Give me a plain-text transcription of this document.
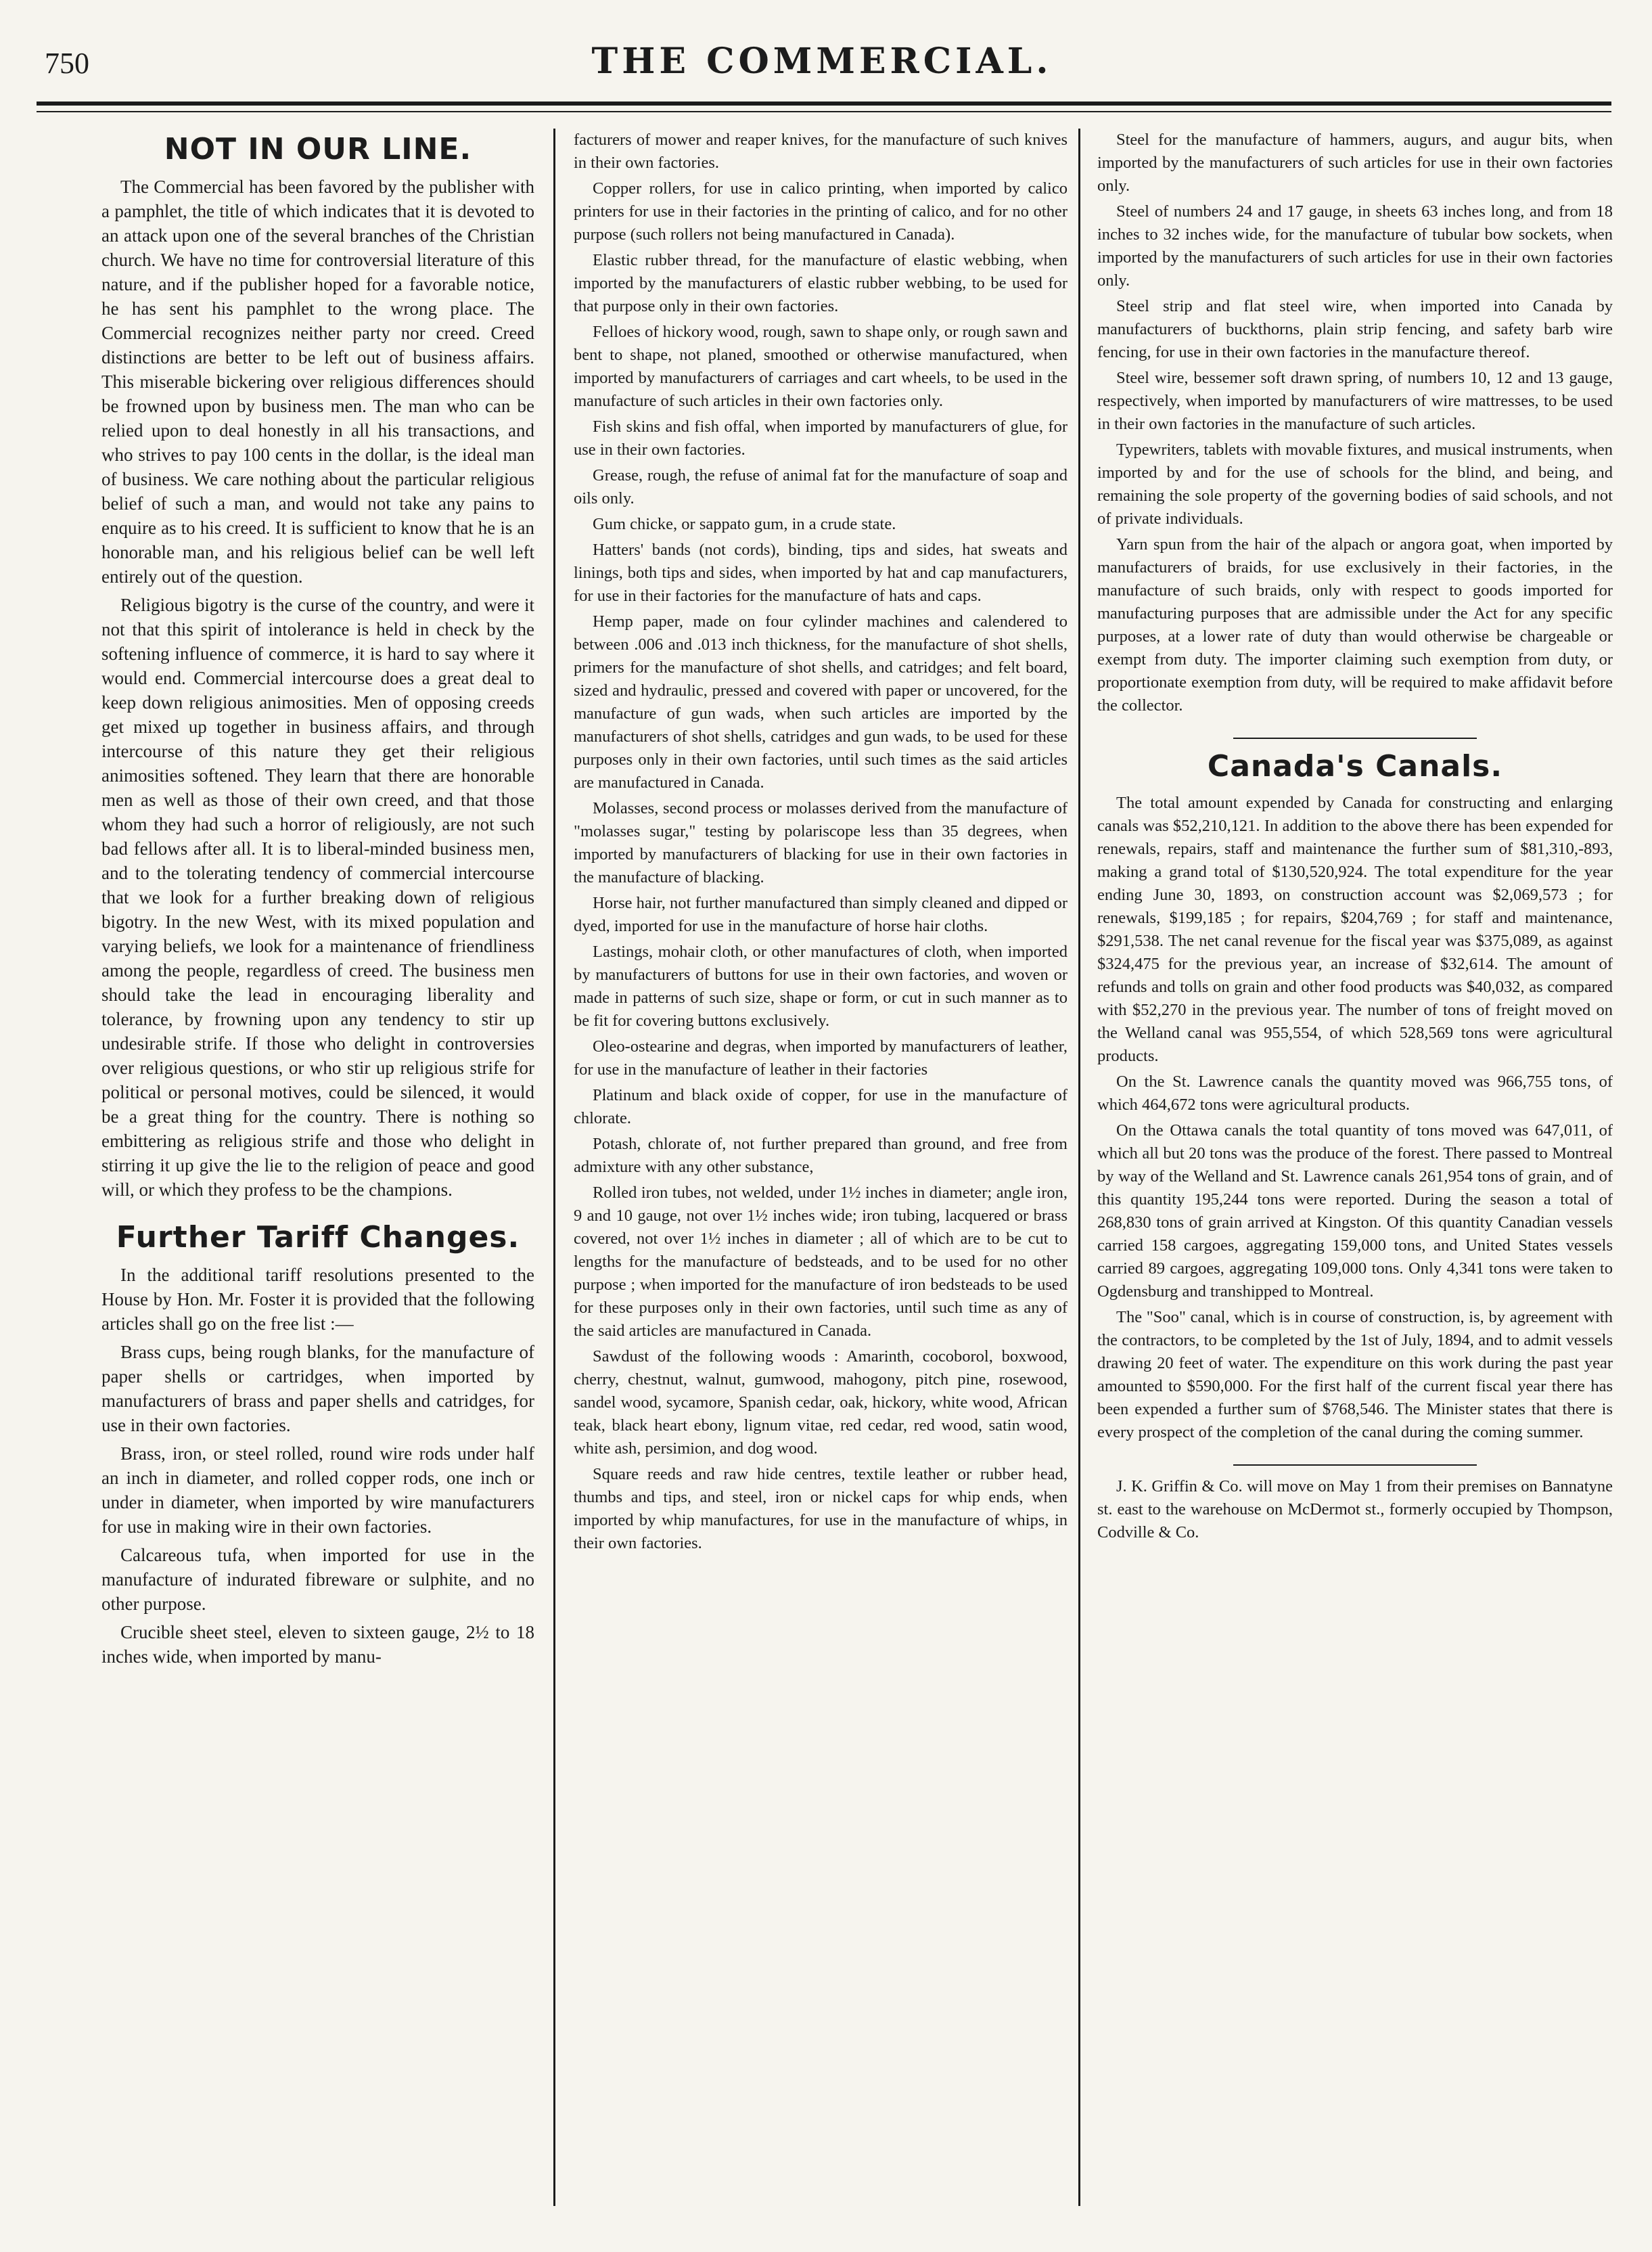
750	THE COMMERCIAL.
NOT IN OUR LINE.

The Commercial has been favored by the publisher with a pamphlet, the title of which indicates that it is devoted to an attack upon one of the several branches of the Christian church. We have no time for controversial literature of this nature, and if the publisher hoped for a favorable notice, he has sent his pamphlet to the wrong place. The Commercial recognizes neither party nor creed. Creed distinctions are better to be left out of business affairs. This miserable bickering over religious differences should be frowned upon by business men. The man who can be relied upon to deal honestly in all his transactions, and who strives to pay 100 cents in the dollar, is the ideal man of business. We care nothing about the particular religious belief of such a man, and would not take any pains to enquire as to his creed. It is sufficient to know that he is an honorable man, and his religious belief can be well left entirely out of the question.

Religious bigotry is the curse of the country, and were it not that this spirit of intolerance is held in check by the softening influence of commerce, it is hard to say where it would end. Commercial intercourse does a great deal to keep down religious animosities. Men of opposing creeds get mixed up together in business affairs, and through intercourse of this nature they get their religious animosities softened. They learn that there are honorable men as well as those of their own creed, and that those whom they had such a horror of religiously, are not such bad fellows after all. It is to liberal-minded business men, and to the tolerating tendency of commercial intercourse that we look for a further breaking down of religious bigotry. In the new West, with its mixed population and varying beliefs, we look for a maintenance of friendliness among the people, regardless of creed. The business men should take the lead in encouraging liberality and tolerance, by frowning upon any tendency to stir up undesirable strife. If those who delight in controversies over religious questions, or who stir up religious strife for political or personal motives, could be silenced, it would be a great thing for the country. There is nothing so embittering as religious strife and those who delight in stirring it up give the lie to the religion of peace and good will, or which they profess to be the champions.

Further Tariff Changes.

In the additional tariff resolutions presented to the House by Hon. Mr. Foster it is provided that the following articles shall go on the free list :—

Brass cups, being rough blanks, for the manufacture of paper shells or cartridges, when imported by manufacturers of brass and paper shells and catridges, for use in their own factories.

Brass, iron, or steel rolled, round wire rods under half an inch in diameter, and rolled copper rods, one inch or under in diameter, when imported by wire manufacturers for use in making wire in their own factories.

Calcareous tufa, when imported for use in the manufacture of indurated fibreware or sulphite, and no other purpose.

Crucible sheet steel, eleven to sixteen gauge, 2½ to 18 inches wide, when imported by manu-

facturers of mower and reaper knives, for the manufacture of such knives in their own factories.

Copper rollers, for use in calico printing, when imported by calico printers for use in their factories in the printing of calico, and for no other purpose (such rollers not being manufactured in Canada).

Elastic rubber thread, for the manufacture of elastic webbing, when imported by the manufacturers of elastic rubber webbing, to be used for that purpose only in their own factories.

Felloes of hickory wood, rough, sawn to shape only, or rough sawn and bent to shape, not planed, smoothed or otherwise manufactured, when imported by manufacturers of carriages and cart wheels, to be used in the manufacture of such articles in their own factories only.

Fish skins and fish offal, when imported by manufacturers of glue, for use in their own factories.

Grease, rough, the refuse of animal fat for the manufacture of soap and oils only.

Gum chicke, or sappato gum, in a crude state.

Hatters' bands (not cords), binding, tips and sides, hat sweats and linings, both tips and sides, when imported by hat and cap manufacturers, for use in their factories for the manufacture of hats and caps.

Hemp paper, made on four cylinder machines and calendered to between .006 and .013 inch thickness, for the manufacture of shot shells, primers for the manufacture of shot shells, and catridges; and felt board, sized and hydraulic, pressed and covered with paper or uncovered, for the manufacture of gun wads, when such articles are imported by the manufacturers of shot shells, catridges and gun wads, to be used for these purposes only in their own factories, until such times as the said articles are manufactured in Canada.

Molasses, second process or molasses derived from the manufacture of "molasses sugar," testing by polariscope less than 35 degrees, when imported by manufacturers of blacking for use in their own factories in the manufacture of blacking.

Horse hair, not further manufactured than simply cleaned and dipped or dyed, imported for use in the manufacture of horse hair cloths.

Lastings, mohair cloth, or other manufactures of cloth, when imported by manufacturers of buttons for use in their own factories, and woven or made in patterns of such size, shape or form, or cut in such manner as to be fit for covering buttons exclusively.

Oleo-ostearine and degras, when imported by manufacturers of leather, for use in the manufacture of leather in their factories

Platinum and black oxide of copper, for use in the manufacture of chlorate.

Potash, chlorate of, not further prepared than ground, and free from admixture with any other substance,

Rolled iron tubes, not welded, under 1½ inches in diameter; angle iron, 9 and 10 gauge, not over 1½ inches wide; iron tubing, lacquered or brass covered, not over 1½ inches in diameter ; all of which are to be cut to lengths for the manufacture of bedsteads, and to be used for no other purpose ; when imported for the manufacture of iron bedsteads to be used for these purposes only in their own factories, until such time as any of the said articles are manufactured in Canada.

Sawdust of the following woods : Amarinth, cocoborol, boxwood, cherry, chestnut, walnut, gumwood, mahogony, pitch pine, rosewood, sandel wood, sycamore, Spanish cedar, oak, hickory, white wood, African teak, black heart ebony, lignum vitae, red cedar, red wood, satin wood, white ash, persimion, and dog wood.

Square reeds and raw hide centres, textile leather or rubber head, thumbs and tips, and steel, iron or nickel caps for whip ends, when imported by whip manufactures, for use in the manufacture of whips, in their own factories.

Steel for the manufacture of hammers, augurs, and augur bits, when imported by the manufacturers of such articles for use in their own factories only.

Steel of numbers 24 and 17 gauge, in sheets 63 inches long, and from 18 inches to 32 inches wide, for the manufacture of tubular bow sockets, when imported by the manufacturers of such articles for use in their own factories only.

Steel strip and flat steel wire, when imported into Canada by manufacturers of buckthorns, plain strip fencing, and safety barb wire fencing, for use in their own factories in the manufacture thereof.

Steel wire, bessemer soft drawn spring, of numbers 10, 12 and 13 gauge, respectively, when imported by manufacturers of wire mattresses, to be used in their own factories in the manufacture of such articles.

Typewriters, tablets with movable fixtures, and musical instruments, when imported by and for the use of schools for the blind, and being, and remaining the sole property of the governing bodies of said schools, and not of private individuals.

Yarn spun from the hair of the alpach or angora goat, when imported by manufacturers of braids, for use exclusively in their factories, in the manufacture of such braids, only with respect to goods imported for manufacturing purposes that are admissible under the Act for any specific purposes, at a lower rate of duty than would otherwise be chargeable or exempt from duty. The importer claiming such exemption from duty, or proportionate exemption from duty, will be required to make affidavit before the collector.

Canada's Canals.

The total amount expended by Canada for constructing and enlarging canals was $52,210,121. In addition to the above there has been expended for renewals, repairs, staff and maintenance the further sum of $81,310,-893, making a grand total of $130,520,924. The total expenditure for the year ending June 30, 1893, on construction account was $2,069,573 ; for renewals, $199,185 ; for repairs, $204,769 ; for staff and maintenance, $291,538. The net canal revenue for the fiscal year was $375,089, as against $324,475 for the previous year, an increase of $32,614. The amount of refunds and tolls on grain and other food products was $40,032, as compared with $52,270 in the previous year. The number of tons of freight moved on the Welland canal was 955,554, of which 528,569 tons were agricultural products.

On the St. Lawrence canals the quantity moved was 966,755 tons, of which 464,672 tons were agricultural products.

On the Ottawa canals the total quantity of tons moved was 647,011, of which all but 20 tons was the produce of the forest. There passed to Montreal by way of the Welland and St. Lawrence canals 261,954 tons of grain, and of this quantity 195,244 tons were reported. During the season a total of 268,830 tons of grain arrived at Kingston. Of this quantity Canadian vessels carried 158 cargoes, aggregating 159,000 tons, and United States vessels carried 89 cargoes, aggregating 109,000 tons. Only 4,341 tons were taken to Ogdensburg and transhipped to Montreal.

The "Soo" canal, which is in course of construction, is, by agreement with the contractors, to be completed by the 1st of July, 1894, and to admit vessels drawing 20 feet of water. The expenditure on this work during the past year amounted to $590,000. For the first half of the current fiscal year there has been expended a further sum of $768,546. The Minister states that there is every prospect of the completion of the canal during the coming summer.

J. K. Griffin & Co. will move on May 1 from their premises on Bannatyne st. east to the warehouse on McDermot st., formerly occupied by Thompson, Codville & Co.
